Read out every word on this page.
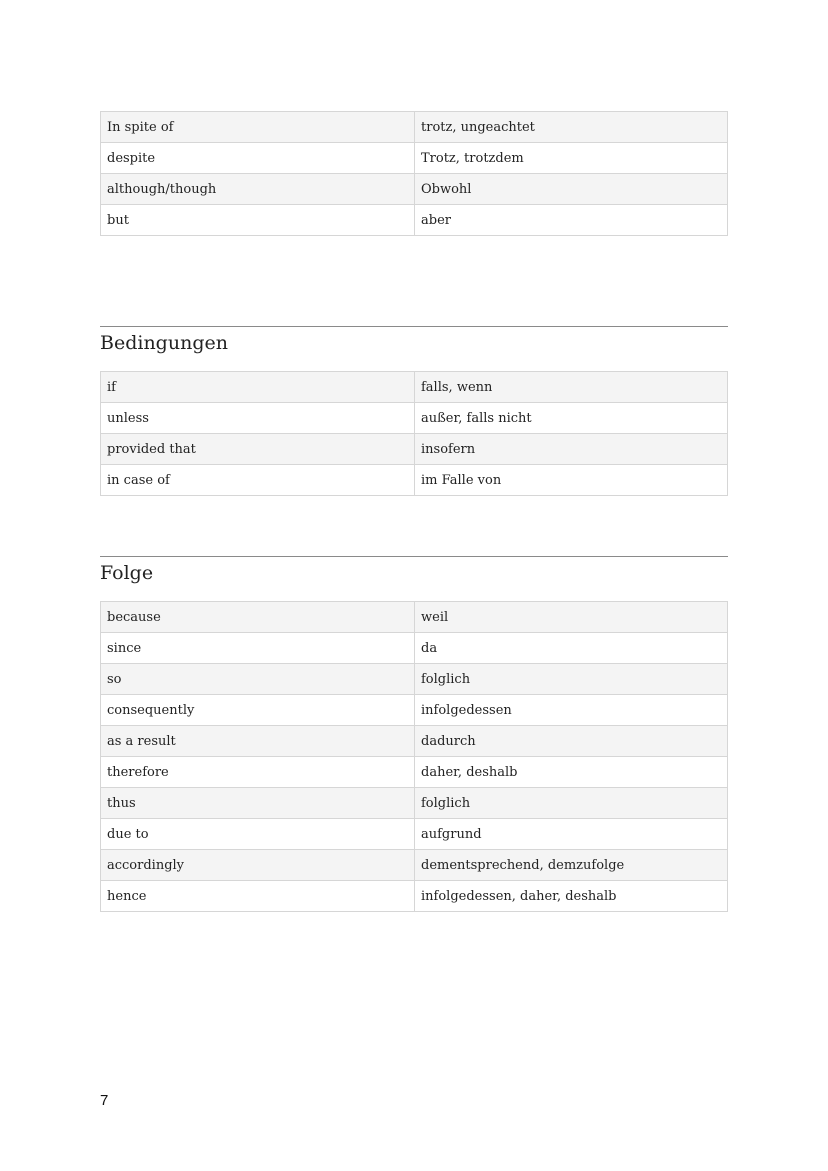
In spite of	trotz, ungeachtet
despite	Trotz, trotzdem
although/though	Obwohl
but	aber
Bedingungen
if	falls, wenn
unless	außer, falls nicht
provided that	insofern
in case of	im Falle von
Folge
because	weil
since	da
so	folglich
consequently	infolgedessen
as a result	dadurch
therefore	daher, deshalb
thus	folglich
due to	aufgrund
accordingly	dementsprechend, demzufolge
hence	infolgedessen, daher, deshalb
7
